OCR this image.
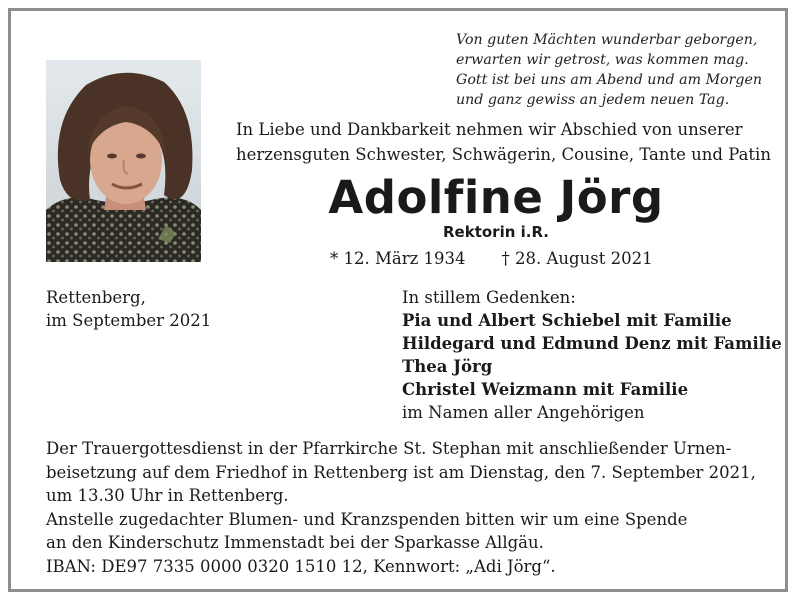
Von guten Mächten wunderbar geborgen,
erwarten wir getrost, was kommen mag.
Gott ist bei uns am Abend und am Morgen
und ganz gewiss an jedem neuen Tag.
In Liebe und Dankbarkeit nehmen wir Abschied von unserer
herzensguten Schwester, Schwägerin, Cousine, Tante und Patin
Adolfine Jörg
Rektorin i.R.
* 12. März 1934 † 28. August 2021
Rettenberg,
im September 2021
In stillem Gedenken:
Pia und Albert Schiebel mit Familie
Hildegard und Edmund Denz mit Familie
Thea Jörg
Christel Weizmann mit Familie
im Namen aller Angehörigen
Der Trauergottesdienst in der Pfarrkirche St. Stephan mit anschließender Urnen-
beisetzung auf dem Friedhof in Rettenberg ist am Dienstag, den 7. September 2021,
um 13.30 Uhr in Rettenberg.
Anstelle zugedachter Blumen- und Kranzspenden bitten wir um eine Spende
an den Kinderschutz Immenstadt bei der Sparkasse Allgäu.
IBAN: DE97 7335 0000 0320 1510 12, Kennwort: „Adi Jörg“.
